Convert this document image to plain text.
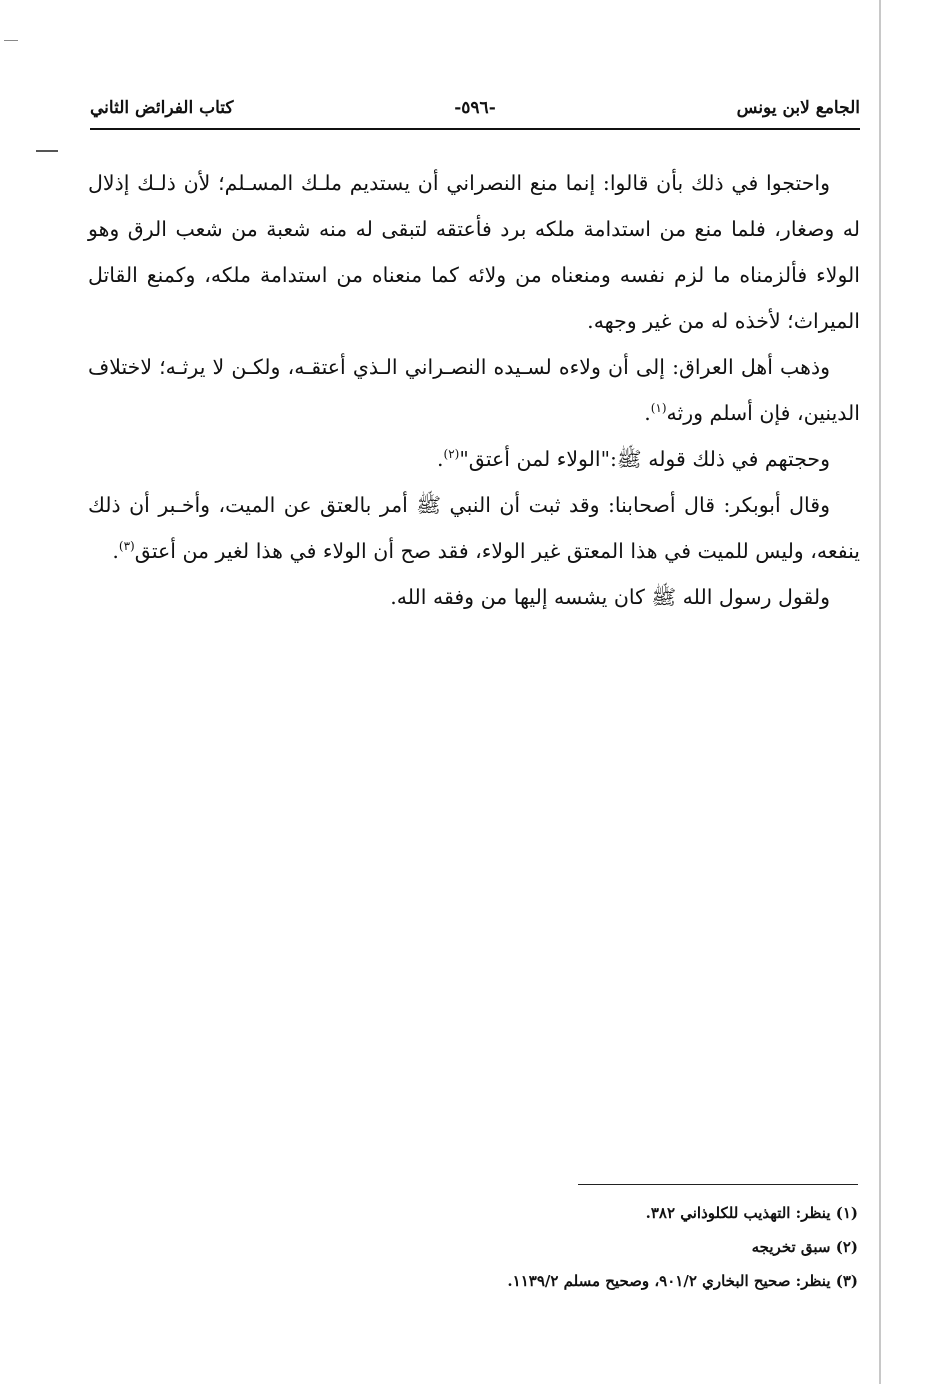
الجامع لابن يونس
-٥٩٦-
كتاب الفرائض الثاني

واحتجوا في ذلك بأن قالوا: إنما منع النصراني أن يستديم ملـك المسـلم؛ لأن ذلـك إذلال له وصغار، فلما منع من استدامة ملكه برد فأعتقه لتبقى له منه شعبة من شعب الرق وهو الولاء فألزمناه ما لزم نفسه ومنعناه من ولائه كما منعناه من استدامة ملكه، وكمنع القاتل الميراث؛ لأخذه له من غير وجهه.

وذهب أهل العراق: إلى أن ولاءه لسـيده النصـراني الـذي أعتقـه، ولكـن لا يرثـه؛ لاختلاف الدينين، فإن أسلم ورثه$^{(١)}$.

وحجتهم في ذلك قوله ﷺ:"الولاء لمن أعتق"$^{(٢)}$.

وقال أبوبكر: قال أصحابنا: وقد ثبت أن النبي ﷺ أمر بالعتق عن الميت، وأخـبر أن ذلك ينفعه، وليس للميت في هذا المعتق غير الولاء، فقد صح أن الولاء في هذا لغير من أعتق$^{(٣)}$.

ولقول رسول الله ﷺ كان يشسه إليها من وفقه الله.

(١) ينظر: التهذيب للكلوذاني ٣٨٢.
(٢) سبق تخريجه
(٣) ينظر: صحيح البخاري ٩٠١/٢، وصحيح مسلم ١١٣٩/٢.
